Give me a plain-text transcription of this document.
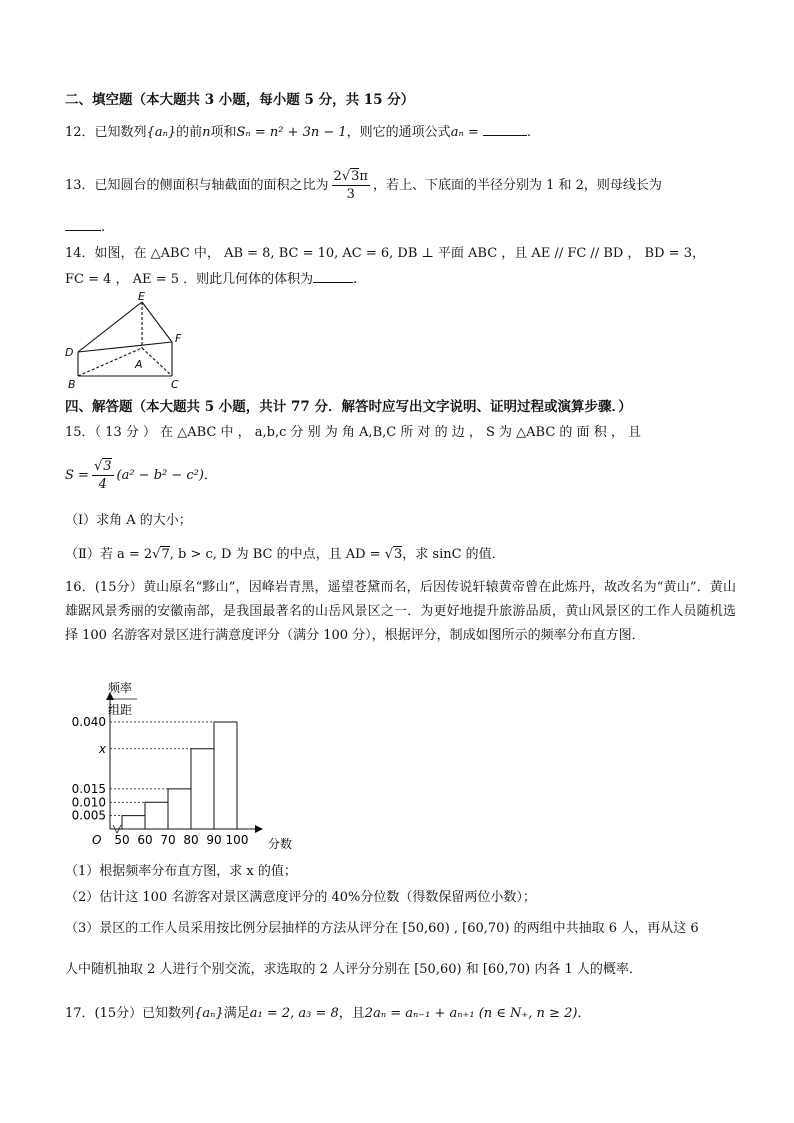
二、填空题（本大题共 3 小题，每小题 5 分，共 15 分）
12．已知数列{aₙ}的前n项和Sₙ = n² + 3n − 1，则它的通项公式aₙ =	.
13．已知圆台的侧面积与轴截面的面积之比为 $\frac{2√3\pi}{3}$ ，若上、下底面的半径分别为 1 和 2，则母线长为
.
14．如图，在 △ABC 中， AB = 8, BC = 10, AC = 6, DB ⊥ 平面 ABC ，且 AE // FC // BD ， BD = 3，
FC = 4 ， AE = 5 ．则此几何体的体积为	.
E
F
D
A
B	C
四、解答题（本大题共 5 小题，共计 77 分．解答时应写出文字说明、证明过程或演算步骤．）
15．（ 13 分 ） 在 △ABC 中 ， a,b,c 分 别 为 角 A,B,C 所 对 的 边 ， S 为 △ABC 的 面 积 ， 且
$S = \frac{√3}{4} (a^2 - b^2 - c^2)$．
（Ⅰ）求角 A 的大小；
（Ⅱ）若 a = 2√7, b > c, D 为 BC 的中点，且 AD = √3，求 sinC 的值．
16．(15分）黄山原名“黟山”，因峰岩青黑，遥望苍黛而名，后因传说轩辕黄帝曾在此炼丹，故改名为“黄山”．黄山雄踞风景秀丽的安徽南部，是我国最著名的山岳风景区之一．为更好地提升旅游品质，黄山风景区的工作人员随机选择 100 名游客对景区进行满意度评分（满分 100 分），根据评分，制成如图所示的频率分布直方图．
0.005
0.010
0.015
x
0.040
50 60 70 80 90 100
频率
组距
O	分数
（1）根据频率分布直方图，求 x 的值；
（2）估计这 100 名游客对景区满意度评分的 40%分位数（得数保留两位小数）；
（3）景区的工作人员采用按比例分层抽样的方法从评分在 [50,60) , [60,70) 的两组中共抽取 6 人，再从这 6
人中随机抽取 2 人进行个别交流，求选取的 2 人评分分别在 [50,60) 和 [60,70) 内各 1 人的概率．
17．(15分）已知数列{aₙ}满足a₁ = 2, a₃ = 8，且2aₙ = aₙ₋₁ + aₙ₊₁ (n ∈ N₊, n ≥ 2)．
